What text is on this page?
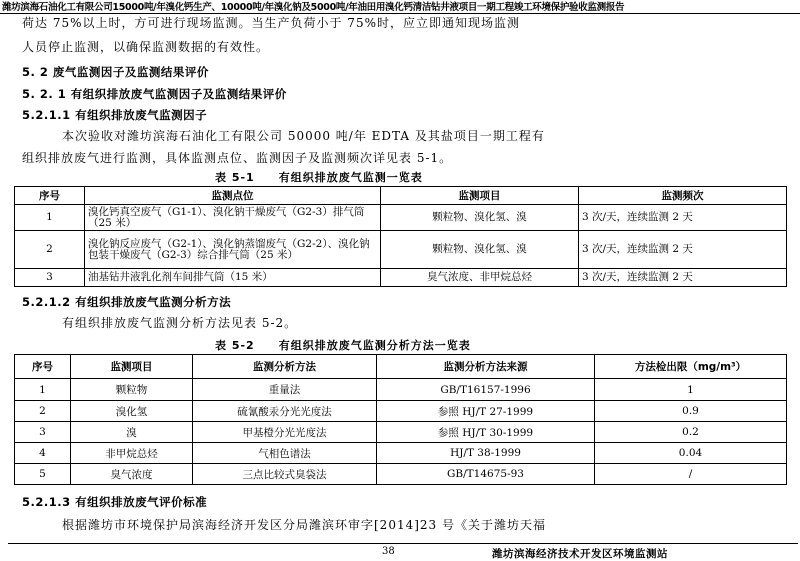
潍坊滨海石油化工有限公司15000吨/年溴化钙生产、10000吨/年溴化钠及5000吨/年油田用溴化钙清洁钻井液项目一期工程竣工环境保护验收监测报告
荷达 75%以上时，方可进行现场监测。当生产负荷小于 75%时，应立即通知现场监测
人员停止监测，以确保监测数据的有效性。
5. 2 废气监测因子及监测结果评价
5. 2. 1 有组织排放废气监测因子及监测结果评价
5.2.1.1 有组织排放废气监测因子
本次验收对潍坊滨海石油化工有限公司 50000 吨/年 EDTA 及其盐项目一期工程有
组织排放废气进行监测，具体监测点位、监测因子及监测频次详见表 5-1。
表 5-1　　有组织排放废气监测一览表
序号	监测点位	监测项目	监测频次
1	溴化钙真空废气（G1-1）、溴化钠干燥废气（G2-3）排气筒（25 米）	颗粒物、溴化氢、溴	3 次/天，连续监测 2 天
2	溴化钠反应废气（G2-1）、溴化钠蒸馏废气（G2-2）、溴化钠包装干燥废气（G2-3）综合排气筒（25 米）	颗粒物、溴化氢、溴	3 次/天，连续监测 2 天
3	油基钻井液乳化剂车间排气筒（15 米）	臭气浓度、非甲烷总烃	3 次/天，连续监测 2 天
5.2.1.2 有组织排放废气监测分析方法
有组织排放废气监测分析方法见表 5-2。
表 5-2　　有组织排放废气监测分析方法一览表
序号	监测项目	监测分析方法	监测分析方法来源	方法检出限（mg/m³）
1	颗粒物	重量法	GB/T16157-1996	1
2	溴化氢	硫氰酸汞分光光度法	参照 HJ/T 27-1999	0.9
3	溴	甲基橙分光光度法	参照 HJ/T 30-1999	0.2
4	非甲烷总烃	气相色谱法	HJ/T 38-1999	0.04
5	臭气浓度	三点比较式臭袋法	GB/T14675-93	/
5.2.1.3 有组织排放废气评价标准
根据潍坊市环境保护局滨海经济开发区分局潍滨环审字[2014]23 号《关于潍坊天福
38	潍坊滨海经济技术开发区环境监测站
